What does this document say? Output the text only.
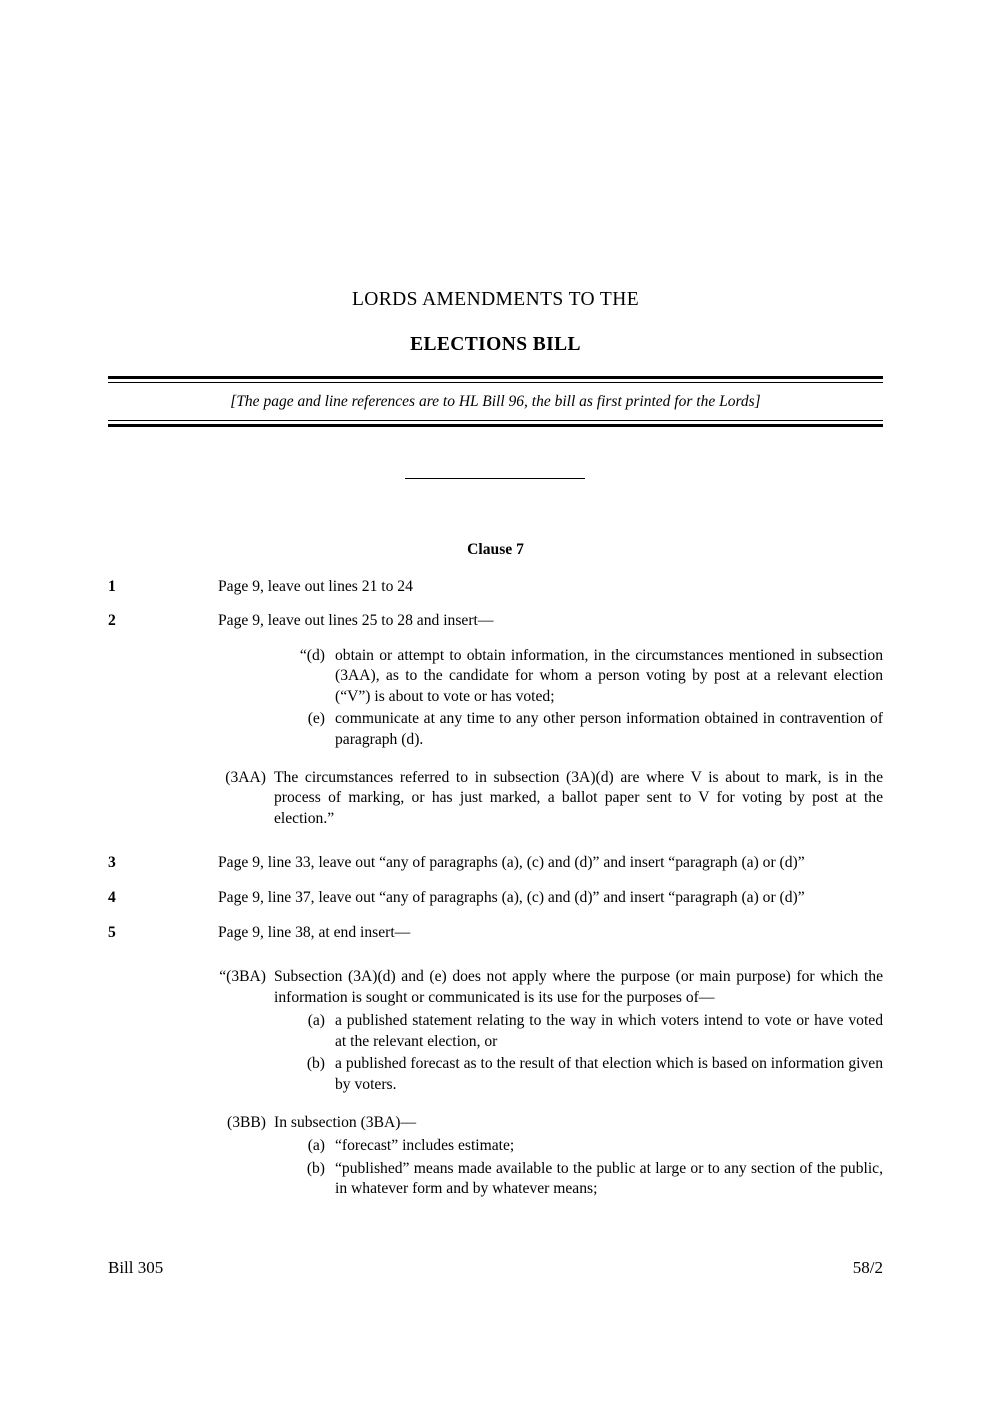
LORDS AMENDMENTS TO THE
ELECTIONS BILL
[The page and line references are to HL Bill 96, the bill as first printed for the Lords]
Clause 7
1	Page 9, leave out lines 21 to 24
2	Page 9, leave out lines 25 to 28 and insert—
“(d) obtain or attempt to obtain information, in the circumstances mentioned in subsection (3AA), as to the candidate for whom a person voting by post at a relevant election (“V”) is about to vote or has voted;
(e) communicate at any time to any other person information obtained in contravention of paragraph (d).
(3AA) The circumstances referred to in subsection (3A)(d) are where V is about to mark, is in the process of marking, or has just marked, a ballot paper sent to V for voting by post at the election.”
3	Page 9, line 33, leave out “any of paragraphs (a), (c) and (d)” and insert “paragraph (a) or (d)”
4	Page 9, line 37, leave out “any of paragraphs (a), (c) and (d)” and insert “paragraph (a) or (d)”
5	Page 9, line 38, at end insert—
“(3BA) Subsection (3A)(d) and (e) does not apply where the purpose (or main purpose) for which the information is sought or communicated is its use for the purposes of—
(a) a published statement relating to the way in which voters intend to vote or have voted at the relevant election, or
(b) a published forecast as to the result of that election which is based on information given by voters.
(3BB) In subsection (3BA)—
(a) “forecast” includes estimate;
(b) “published” means made available to the public at large or to any section of the public, in whatever form and by whatever means;
Bill 305	58/2
